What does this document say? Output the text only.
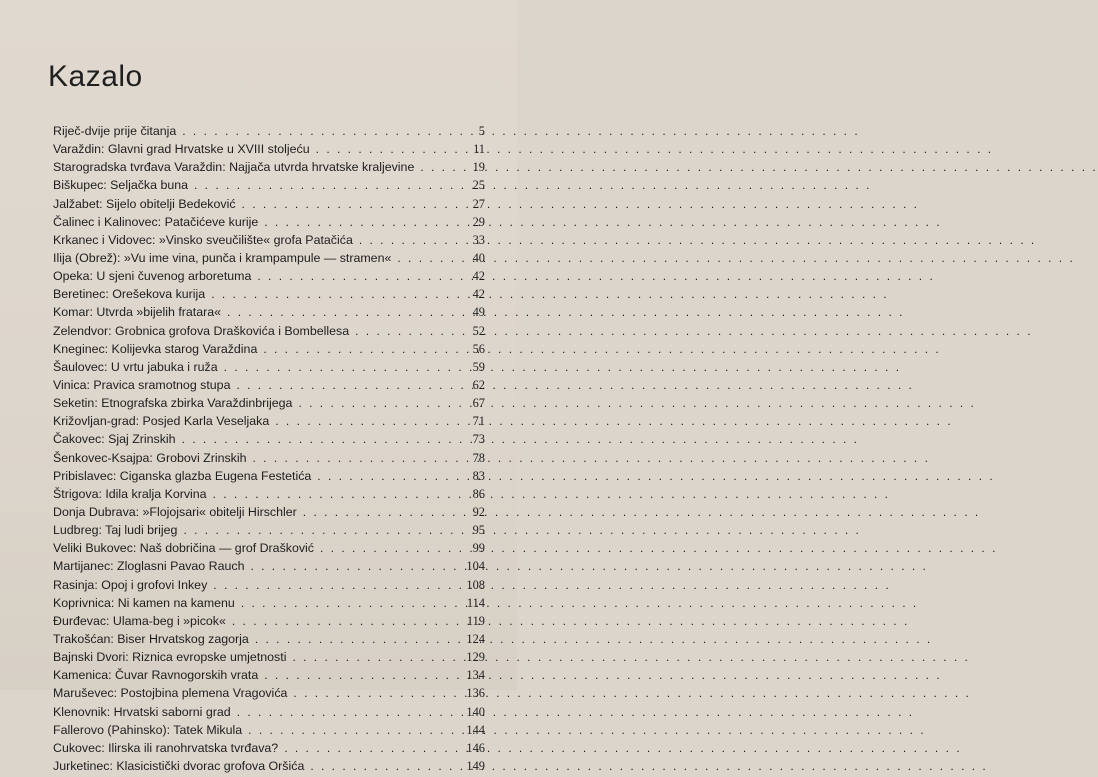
Kazalo
Riječ-dvije prije čitanja . . .	5
Varaždin: Glavni grad Hrvatske u XVIII stoljeću . . .	11
Starogradska tvrđava Varaždin: Najjača utvrda hrvatske kraljevine . . .	19
Biškupec: Seljačka buna . . .	25
Jalžabet: Sijelo obitelji Bedeković . . .	27
Čalinec i Kalinovec: Patačićeve kurije . . .	29
Krkanec i Vidovec: »Vinsko sveučilište« grofa Patačića . . .	33
Ilija (Obrež): »Vu ime vina, punča i krampampule — stramen« . . .	40
Opeka: U sjeni čuvenog arboretuma . . .	42
Beretinec: Orešekova kurija . . .	42
Komar: Utvrda »bijelih fratara« . . .	49
Zelendvor: Grobnica grofova Draškovića i Bombellesa . . .	52
Kneginec: Kolijevka starog Varaždina . . .	56
Šaulovec: U vrtu jabuka i ruža . . .	59
Vinica: Pravica sramotnog stupa . . .	62
Seketin: Etnografska zbirka Varaždinbrijega . . .	67
Križovljan-grad: Posjed Karla Veseljaka . . .	71
Čakovec: Sjaj Zrinskih . . .	73
Šenkovec-Ksajpa: Grobovi Zrinskih . . .	78
Pribislavec: Ciganska glazba Eugena Festetića . . .	83
Štrigova: Idila kralja Korvina . . .	86
Donja Dubrava: »Flojojsari« obitelji Hirschler . . .	92
Ludbreg: Taj ludi brijeg . . .	95
Veliki Bukovec: Naš dobričina — grof Drašković . . .	99
Martijanec: Zloglasni Pavao Rauch . . .	104
Rasinja: Opoj i grofovi Inkey . . .	108
Koprivnica: Ni kamen na kamenu . . .	114
Đurđevac: Ulama-beg i »picok« . . .	119
Trakošćan: Biser Hrvatskog zagorja . . .	124
Bajnski Dvori: Riznica evropske umjetnosti . . .	129
Kamenica: Čuvar Ravnogorskih vrata . . .	134
Maruševec: Postojbina plemena Vragovića . . .	136
Klenovnik: Hrvatski saborni grad . . .	140
Fallerovo (Pahinsko): Tatek Mikula . . .	144
Cukovec: Ilirska ili ranohrvatska tvrđava? . . .	146
Jurketinec: Klasicistički dvorac grofova Oršića . . .	149
